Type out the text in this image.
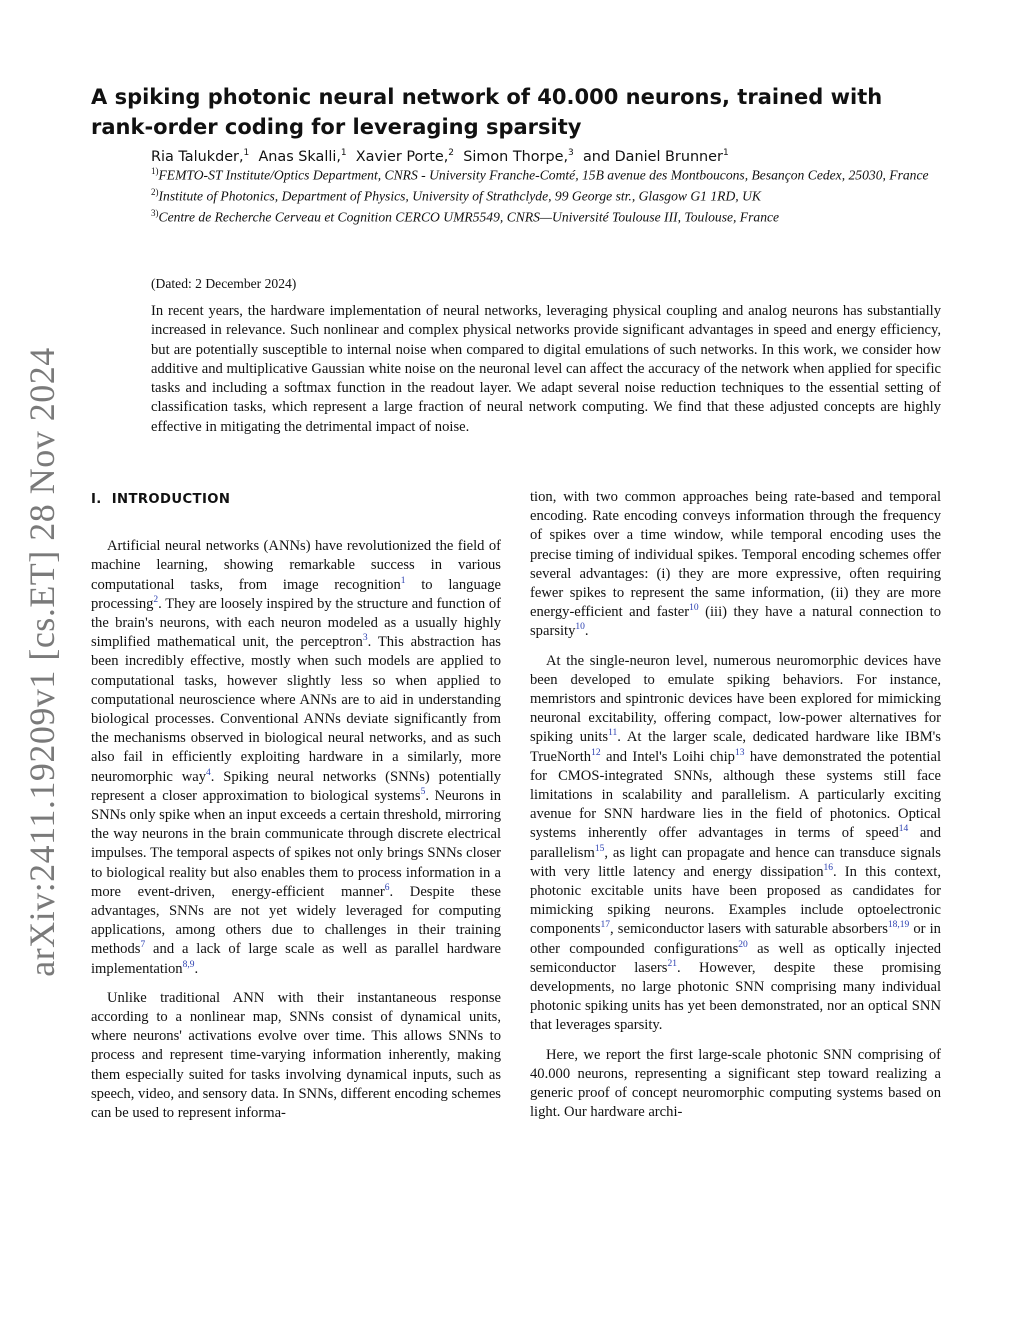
arXiv:2411.19209v1 [cs.ET] 28 Nov 2024
A spiking photonic neural network of 40.000 neurons, trained with rank-order coding for leveraging sparsity
Ria Talukder,$^1$ Anas Skalli,$^1$ Xavier Porte,$^2$ Simon Thorpe,$^3$ and Daniel Brunner$^1$
$^{1)}$FEMTO-ST Institute/Optics Department, CNRS - University Franche-Comté, 15B avenue des Montboucons, Besançon Cedex, 25030, France
$^{2)}$Institute of Photonics, Department of Physics, University of Strathclyde, 99 George str., Glasgow G1 1RD, UK
$^{3)}$Centre de Recherche Cerveau et Cognition CERCO UMR5549, CNRS—Université Toulouse III, Toulouse, France
(Dated: 2 December 2024)

In recent years, the hardware implementation of neural networks, leveraging physical coupling and analog neurons has substantially increased in relevance. Such nonlinear and complex physical networks provide significant advantages in speed and energy efficiency, but are potentially susceptible to internal noise when compared to digital emulations of such networks. In this work, we consider how additive and multiplicative Gaussian white noise on the neuronal level can affect the accuracy of the network when applied for specific tasks and including a softmax function in the readout layer. We adapt several noise reduction techniques to the essential setting of classification tasks, which represent a large fraction of neural network computing. We find that these adjusted concepts are highly effective in mitigating the detrimental impact of noise.

I. INTRODUCTION

Artificial neural networks (ANNs) have revolutionized the field of machine learning, showing remarkable success in various computational tasks, from image recognition$^1$ to language processing$^2$. They are loosely inspired by the structure and function of the brain's neurons, with each neuron modeled as a usually highly simplified mathematical unit, the perceptron$^3$. This abstraction has been incredibly effective, mostly when such models are applied to computational tasks, however slightly less so when applied to computational neuroscience where ANNs are to aid in understanding biological processes. Conventional ANNs deviate significantly from the mechanisms observed in biological neural networks, and as such also fail in efficiently exploiting hardware in a similarly, more neuromorphic way$^4$. Spiking neural networks (SNNs) potentially represent a closer approximation to biological systems$^5$. Neurons in SNNs only spike when an input exceeds a certain threshold, mirroring the way neurons in the brain communicate through discrete electrical impulses. The temporal aspects of spikes not only brings SNNs closer to biological reality but also enables them to process information in a more event-driven, energy-efficient manner$^6$. Despite these advantages, SNNs are not yet widely leveraged for computing applications, among others due to challenges in their training methods$^7$ and a lack of large scale as well as parallel hardware implementation$^{8,9}$.

Unlike traditional ANN with their instantaneous response according to a nonlinear map, SNNs consist of dynamical units, where neurons' activations evolve over time. This allows SNNs to process and represent time-varying information inherently, making them especially suited for tasks involving dynamical inputs, such as speech, video, and sensory data. In SNNs, different encoding schemes can be used to represent informa-

tion, with two common approaches being rate-based and temporal encoding. Rate encoding conveys information through the frequency of spikes over a time window, while temporal encoding uses the precise timing of individual spikes. Temporal encoding schemes offer several advantages: (i) they are more expressive, often requiring fewer spikes to represent the same information, (ii) they are more energy-efficient and faster$^{10}$ (iii) they have a natural connection to sparsity$^{10}$.

At the single-neuron level, numerous neuromorphic devices have been developed to emulate spiking behaviors. For instance, memristors and spintronic devices have been explored for mimicking neuronal excitability, offering compact, low-power alternatives for spiking units$^{11}$. At the larger scale, dedicated hardware like IBM's TrueNorth$^{12}$ and Intel's Loihi chip$^{13}$ have demonstrated the potential for CMOS-integrated SNNs, although these systems still face limitations in scalability and parallelism. A particularly exciting avenue for SNN hardware lies in the field of photonics. Optical systems inherently offer advantages in terms of speed$^{14}$ and parallelism$^{15}$, as light can propagate and hence can transduce signals with very little latency and energy dissipation$^{16}$. In this context, photonic excitable units have been proposed as candidates for mimicking spiking neurons. Examples include optoelectronic components$^{17}$, semiconductor lasers with saturable absorbers$^{18,19}$ or in other compounded configurations$^{20}$ as well as optically injected semiconductor lasers$^{21}$. However, despite these promising developments, no large photonic SNN comprising many individual photonic spiking units has yet been demonstrated, nor an optical SNN that leverages sparsity.

Here, we report the first large-scale photonic SNN comprising of 40.000 neurons, representing a significant step toward realizing a generic proof of concept neuromorphic computing systems based on light. Our hardware archi-
